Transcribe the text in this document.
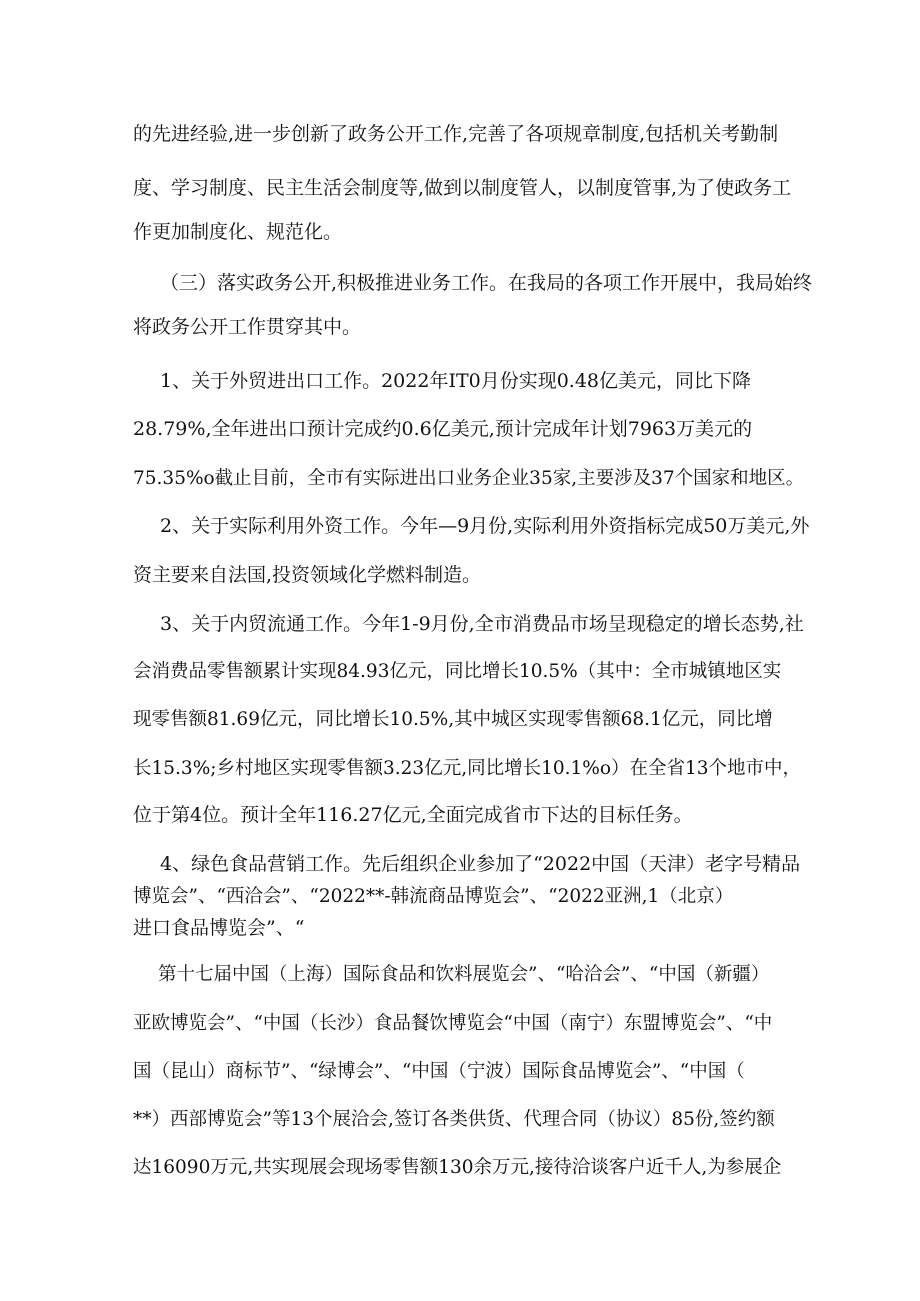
的先进经验,进一步创新了政务公开工作,完善了各项规章制度,包括机关考勤制
度、学习制度、民主生活会制度等,做到以制度管人，以制度管事,为了使政务工
作更加制度化、规范化。
（三）落实政务公开,积极推进业务工作。在我局的各项工作开展中，我局始终
将政务公开工作贯穿其中。
1、关于外贸进出口工作。2022年IT0月份实现0.48亿美元，同比下降
28.79%,全年进出口预计完成约0.6亿美元,预计完成年计划7963万美元的
75.35%o截止目前，全市有实际进出口业务企业35家,主要涉及37个国家和地区。
2、关于实际利用外资工作。今年—9月份,实际利用外资指标完成50万美元,外
资主要来自法国,投资领域化学燃料制造。
3、关于内贸流通工作。今年1-9月份,全市消费品市场呈现稳定的增长态势,社
会消费品零售额累计实现84.93亿元，同比增长10.5%（其中：全市城镇地区实
现零售额81.69亿元，同比增长10.5%,其中城区实现零售额68.1亿元，同比增
长15.3%;乡村地区实现零售额3.23亿元,同比增长10.1%o）在全省13个地市中，
位于第4位。预计全年116.27亿元,全面完成省市下达的目标任务。
4、绿色食品营销工作。先后组织企业参加了“2022中国（天津）老字号精品
博览会”、“西洽会”、“2022**-韩流商品博览会”、“2022亚洲,1（北京）
进口食品博览会”、“
第十七届中国（上海）国际食品和饮料展览会”、“哈洽会”、“中国（新疆）
亚欧博览会”、“中国（长沙）食品餐饮博览会“中国（南宁）东盟博览会”、“中
国（昆山）商标节”、“绿博会”、“中国（宁波）国际食品博览会”、“中国（
**）西部博览会”等13个展洽会,签订各类供货、代理合同（协议）85份,签约额
达16090万元,共实现展会现场零售额130余万元,接待洽谈客户近千人,为参展企
